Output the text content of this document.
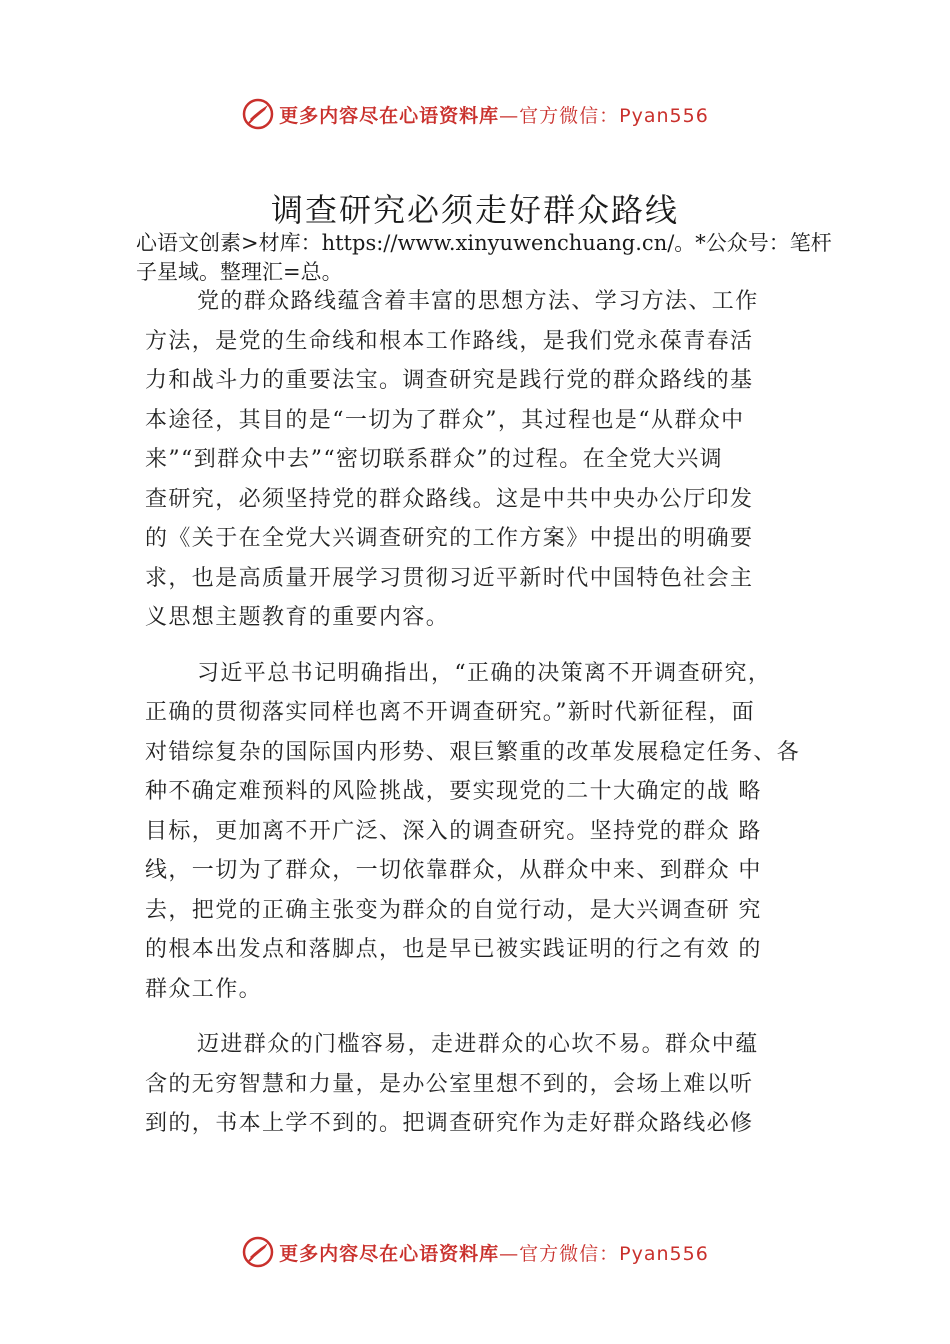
更多内容尽在心语资料库—官方微信：Pyan556
调查研究必须走好群众路线
心语文创素>材库：https://www.xinyuwenchuang.cn/。*公众号：笔杆子星域。整理汇=总。
党的群众路线蕴含着丰富的思想方法、学习方法、工作
方法，是党的生命线和根本工作路线，是我们党永葆青春活
力和战斗力的重要法宝。调查研究是践行党的群众路线的基
本途径，其目的是“一切为了群众”，其过程也是“从群众中
来”“到群众中去”“密切联系群众”的过程。在全党大兴调
查研究，必须坚持党的群众路线。这是中共中央办公厅印发
的《关于在全党大兴调查研究的工作方案》中提出的明确要
求，也是高质量开展学习贯彻习近平新时代中国特色社会主
义思想主题教育的重要内容。
习近平总书记明确指出，“正确的决策离不开调查研究，
正确的贯彻落实同样也离不开调查研究。”新时代新征程，面
对错综复杂的国际国内形势、艰巨繁重的改革发展稳定任务、各
种不确定难预料的风险挑战，要实现党的二十大确定的战 略
目标，更加离不开广泛、深入的调查研究。坚持党的群众 路
线，一切为了群众，一切依靠群众，从群众中来、到群众 中
去，把党的正确主张变为群众的自觉行动，是大兴调查研 究
的根本出发点和落脚点，也是早已被实践证明的行之有效 的
群众工作。
迈进群众的门槛容易，走进群众的心坎不易。群众中蕴
含的无穷智慧和力量，是办公室里想不到的，会场上难以听
到的，书本上学不到的。把调查研究作为走好群众路线必修
更多内容尽在心语资料库—官方微信：Pyan556
